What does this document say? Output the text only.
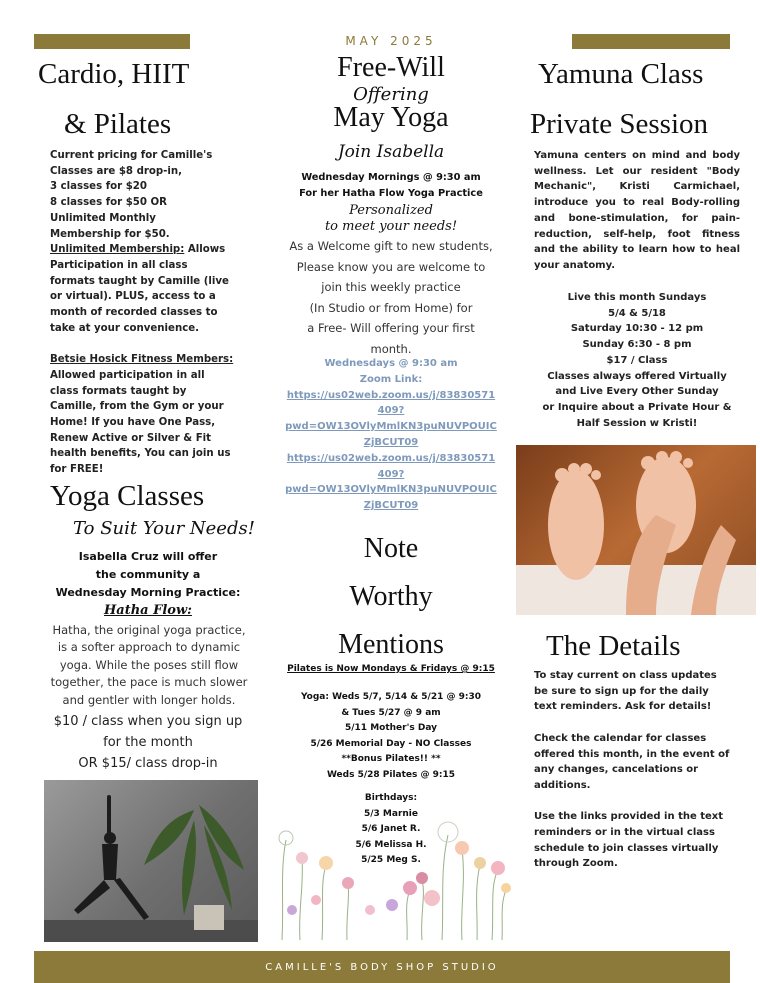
Cardio, HIIT
& Pilates
Current pricing for Camille's
Classes are $8 drop-in,
3 classes for $20
8 classes for $50 OR
Unlimited Monthly
Membership for $50.
Unlimited Membership: Allows
Participation in all class
formats taught by Camille (live
or virtual). PLUS, access to a
month of recorded classes to
take at your convenience.
Betsie Hosick Fitness Members:
Allowed participation in all
class formats taught by
Camille, from the Gym or your
Home! If you have One Pass,
Renew Active or Silver & Fit
health benefits, You can join us
for FREE!
Yoga Classes
To Suit Your Needs!
Isabella Cruz will offer
the community a
Wednesday Morning Practice:
Hatha Flow:
Hatha, the original yoga practice,
is a softer approach to dynamic
yoga. While the poses still flow
together, the pace is much slower
and gentler with longer holds.
$10 / class when you sign up
for the month
OR $15/ class drop-in
MAY 2025
Free-Will
Offering
May Yoga
Join Isabella
Wednesday Mornings @ 9:30 am
For her Hatha Flow Yoga Practice
Personalized
to meet your needs!
As a Welcome gift to new students,
Please know you are welcome to
join this weekly practice
(In Studio or from Home) for
a Free- Will offering your first
month.
Wednesdays @ 9:30 am
Zoom Link:
https://us02web.zoom.us/j/83830571
409?
pwd=OW13OVlyMmlKN3puNUVPOUIC
ZjBCUT09
https://us02web.zoom.us/j/83830571
409?
pwd=OW13OVlyMmlKN3puNUVPOUIC
ZjBCUT09
Note
Worthy
Mentions
Pilates is Now Mondays & Fridays @ 9:15
Yoga: Weds 5/7, 5/14 & 5/21 @ 9:30
& Tues 5/27 @ 9 am
5/11 Mother's Day
5/26 Memorial Day - NO Classes
**Bonus Pilates!! **
Weds 5/28 Pilates @ 9:15
Birthdays:
5/3 Marnie
5/6 Janet R.
5/6 Melissa H.
5/25 Meg S.
Yamuna Class
Private Session
Yamuna centers on mind and body wellness. Let our resident "Body Mechanic", Kristi Carmichael, introduce you to real Body-rolling and bone-stimulation, for pain-reduction, self-help, foot fitness and the ability to learn how to heal your anatomy.
Live this month Sundays
5/4 & 5/18
Saturday 10:30 - 12 pm
Sunday 6:30 - 8 pm
$17 / Class
Classes always offered Virtually
and Live Every Other Sunday
or Inquire about a Private Hour &
Half Session w Kristi!
The Details
To stay current on class updates be sure to sign up for the daily text reminders. Ask for details!
Check the calendar for classes offered this month, in the event of any changes, cancelations or additions.
Use the links provided in the text reminders or in the virtual class schedule to join classes virtually through Zoom.
CAMILLE'S BODY SHOP STUDIO
